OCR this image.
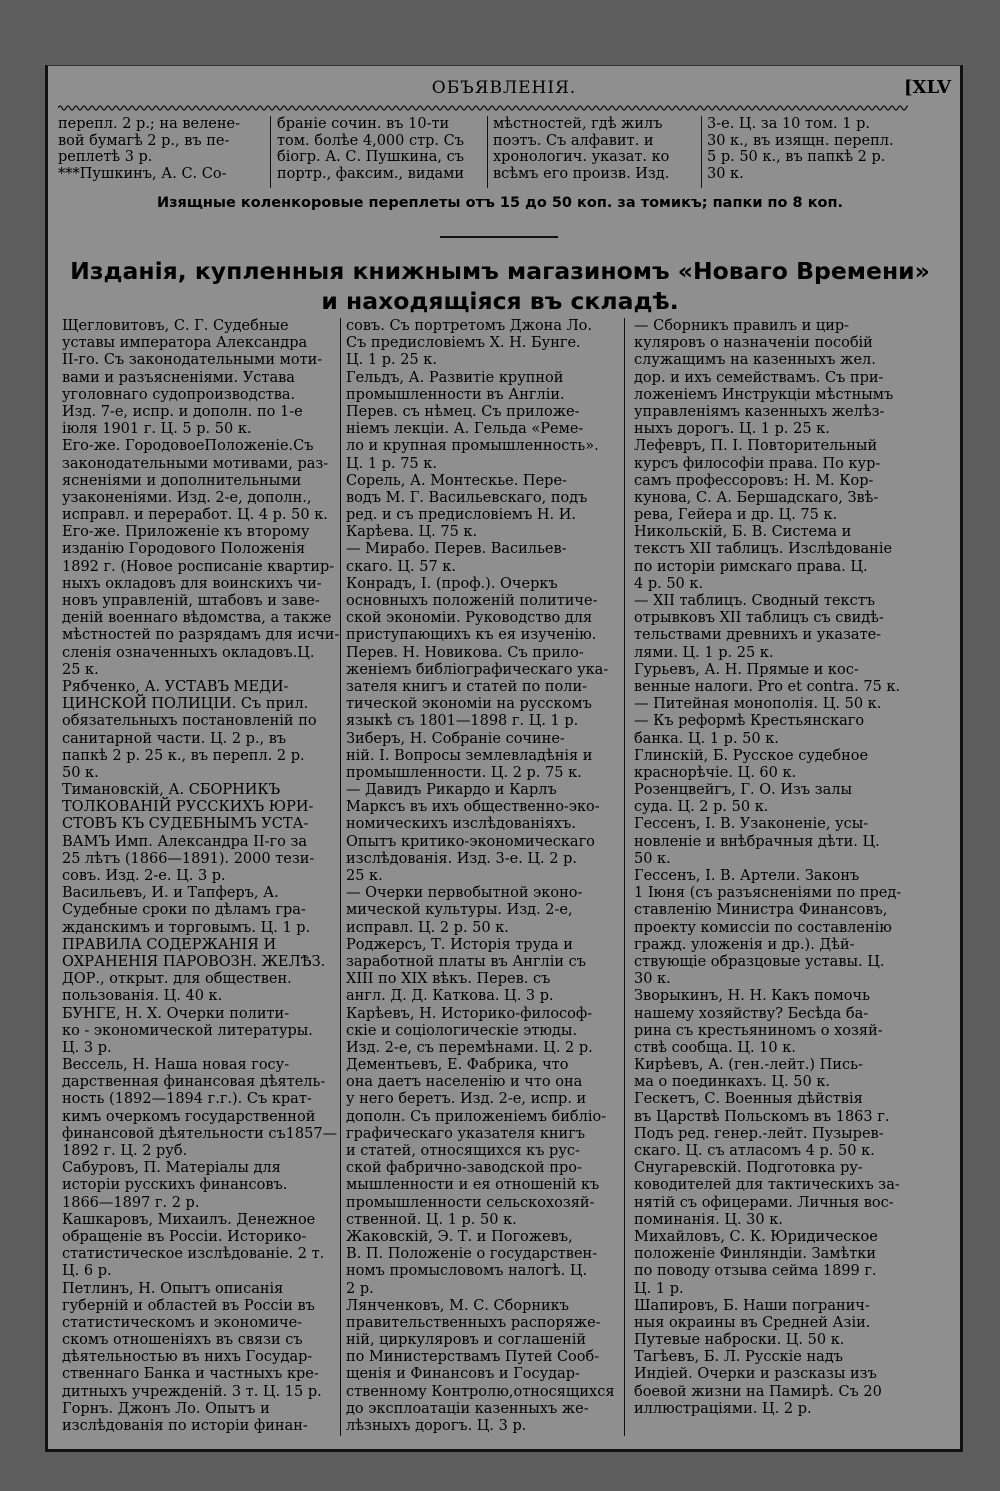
ОБЪЯВЛЕНІЯ.	[XLV
перепл. 2 р.; на веленe-
вой бумагѣ 2 р., въ пе-
реплетѣ 3 р.
***Пушкинъ, А. С. Со-
браніе сочин. въ 10-ти
том. болѣе 4,000 стр. Съ
біогр. А. С. Пушкина, съ
портр., факсим., видами
мѣстностей, гдѣ жилъ
поэтъ. Съ алфавит. и
хронологич. указат. ко
всѣмъ его произв. Изд.
3-е. Ц. за 10 том. 1 р.
30 к., въ изящн. перепл.
5 р. 50 к., въ папкѣ 2 р.
30 к.
Изящные коленкоровые переплеты отъ 15 до 50 коп. за томикъ; папки по 8 коп.
Изданія, купленныя книжнымъ магазиномъ «Новаго Времени»
и находящіяся въ складѣ.
Щегловитовъ, С. Г. Судебные
уставы императора Александра
II-го. Съ законодательными моти-
вами и разъясненіями. Устава
уголовнаго судопроизводства.
Изд. 7-е, испр. и дополн. по 1-е
іюля 1901 г. Ц. 5 р. 50 к.
Его-же. ГородовоеПоложеніе.Съ
законодательными мотивами, раз-
ясненіями и дополнительными
узаконеніями. Изд. 2-е, дополн.,
исправл. и переработ. Ц. 4 р. 50 к.
Его-же. Приложеніе къ второму
изданію Городового Положенія
1892 г. (Новое росписаніе квартир-
ныхъ окладовъ для воинскихъ чи-
новъ управленій, штабовъ и заве-
деній военнаго вѣдомства, а также
мѣстностей по разрядамъ для исчи-
сленія означенныхъ окладовъ.Ц.
25 к.
Рябченко, А. УСТАВЪ МЕДИ-
ЦИНСКОЙ ПОЛИЦІИ. Съ прил.
обязательныхъ постановленій по
санитарной части. Ц. 2 р., въ
папкѣ 2 р. 25 к., въ перепл. 2 р.
50 к.
Тимановскій, А. СБОРНИКЪ
ТОЛКОВАНІЙ РУССКИХЪ ЮРИ-
СТОВЪ КЪ СУДЕБНЫМЪ УСТА-
ВАМЪ Имп. Александра II-го за
25 лѣтъ (1866—1891). 2000 тези-
совъ. Изд. 2-е. Ц. 3 р.
Васильевъ, И. и Тапферъ, А.
Судебные сроки по дѣламъ гра-
жданскимъ и торговымъ. Ц. 1 р.
ПРАВИЛА СОДЕРЖАНІЯ И
ОХРАНЕНІЯ ПАРОВОЗН. ЖЕЛѢЗ.
ДОР., открыт. для обществен.
пользованія. Ц. 40 к.
БУНГЕ, Н. Х. Очерки полити-
ко - экономической литературы.
Ц. 3 р.
Вессель, Н. Наша новая госу-
дарственная финансовая дѣятель-
ность (1892—1894 г.г.). Съ крат-
кимъ очеркомъ государственной
финансовой дѣятельности съ1857—
1892 г. Ц. 2 руб.
Сабуровъ, П. Матеріалы для
исторіи русскихъ финансовъ.
1866—1897 г. 2 р.
Кашкаровъ, Михаилъ. Денежное
обращеніе въ Россіи. Историко-
статистическое изслѣдованіе. 2 т.
Ц. 6 р.
Петлинъ, Н. Опытъ описанія
губерній и областей въ Россіи въ
статистическомъ и экономиче-
скомъ отношеніяхъ въ связи съ
дѣятельностью въ нихъ Государ-
ственнаго Банка и частныхъ кре-
дитныхъ учрежденій. 3 т. Ц. 15 р.
Горнъ. Джонъ Ло. Опытъ и
изслѣдованія по исторіи финан-
совъ. Съ портретомъ Джона Ло.
Съ предисловіемъ Х. Н. Бунге.
Ц. 1 р. 25 к.
Гельдъ, А. Развитіе крупной
промышленности въ Англіи.
Перев. съ нѣмец. Съ приложе-
ніемъ лекціи. А. Гельда «Реме-
ло и крупная промышленность».
Ц. 1 р. 75 к.
Сорель, А. Монтескье. Пере-
водъ М. Г. Васильевскаго, подъ
ред. и съ предисловіемъ Н. И.
Карѣева. Ц. 75 к.
— Мирабо. Перев. Васильев-
скаго. Ц. 57 к.
Конрадъ, I. (проф.). Очеркъ
основныхъ положеній политиче-
ской экономіи. Руководство для
приступающихъ къ ея изученію.
Перев. Н. Новикова. Съ прило-
женіемъ библіографическаго ука-
зателя книгъ и статей по поли-
тической экономіи на русскомъ
языкѣ съ 1801—1898 г. Ц. 1 р.
Зиберъ, Н. Собраніе сочине-
ній. I. Вопросы землевладѣнія и
промышленности. Ц. 2 р. 75 к.
— Давидъ Рикардо и Карлъ
Марксъ въ ихъ общественно-эко-
номическихъ изслѣдованіяхъ.
Опытъ критико-экономическаго
изслѣдованія. Изд. 3-е. Ц. 2 р.
25 к.
— Очерки первобытной эконо-
мической культуры. Изд. 2-е,
исправл. Ц. 2 р. 50 к.
Роджерсъ, Т. Исторія труда и
заработной платы въ Англіи съ
XIII по XIX вѣкъ. Перев. съ
англ. Д. Д. Каткова. Ц. 3 р.
Карѣевъ, Н. Историко-философ-
скіе и соціологическіе этюды.
Изд. 2-е, съ перемѣнами. Ц. 2 р.
Дементьевъ, Е. Фабрика, что
она даетъ населенію и что она
у него беретъ. Изд. 2-е, испр. и
дополн. Съ приложеніемъ библіо-
графическаго указателя книгъ
и статей, относящихся къ рус-
ской фабрично-заводской про-
мышленности и ея отношеній къ
промышленности сельскохозяй-
ственной. Ц. 1 р. 50 к.
Жаковскій, Э. Т. и Погожевъ,
В. П. Положеніе о государствен-
номъ промысловомъ налогѣ. Ц.
2 р.
Лянченковъ, М. С. Сборникъ
правительственныхъ распоряже-
ній, циркуляровъ и соглашеній
по Министерствамъ Путей Сооб-
щенія и Финансовъ и Государ-
ственному Контролю,относящихся
до эксплоатаціи казенныхъ же-
лѣзныхъ дорогъ. Ц. 3 р.
— Сборникъ правилъ и цир-
куляровъ о назначеніи пособій
служащимъ на казенныхъ жел.
дор. и ихъ семействамъ. Съ при-
ложеніемъ Инструкціи мѣстнымъ
управленіямъ казенныхъ желѣз-
ныхъ дорогъ. Ц. 1 р. 25 к.
Лефевръ, П. I. Повторительный
курсъ философіи права. По кур-
самъ профессоровъ: Н. М. Кор-
кунова, С. А. Бершадскаго, Звѣ-
рева, Гейера и др. Ц. 75 к.
Никольскій, Б. В. Система и
текстъ XII таблицъ. Изслѣдованіе
по исторіи римскаго права. Ц.
4 р. 50 к.
— XII таблицъ. Сводный текстъ
отрывковъ XII таблицъ съ свидѣ-
тельствами древнихъ и указате-
лями. Ц. 1 р. 25 к.
Гурьевъ, А. Н. Прямые и кос-
венные налоги. Pro et contra. 75 к.
— Питейная монополія. Ц. 50 к.
— Къ реформѣ Крестьянскаго
банка. Ц. 1 р. 50 к.
Глинскій, Б. Русское судебное
краснорѣчіе. Ц. 60 к.
Розенцвейгъ, Г. О. Изъ залы
суда. Ц. 2 р. 50 к.
Гессенъ, I. В. Узаконеніе, усы-
новленіе и внѣбрачныя дѣти. Ц.
50 к.
Гессенъ, I. В. Артели. Законъ
1 Іюня (съ разъясненіями по пред-
ставленію Министра Финансовъ,
проекту комиссіи по составленію
гражд. уложенія и др.). Дѣй-
ствующіе образцовые уставы. Ц.
30 к.
Зворыкинъ, Н. Н. Какъ помочь
нашему хозяйству? Бесѣда ба-
рина съ крестьяниномъ о хозяй-
ствѣ сообща. Ц. 10 к.
Кирѣевъ, А. (ген.-лейт.) Пись-
ма о поединкахъ. Ц. 50 к.
Гескетъ, С. Военныя дѣйствія
въ Царствѣ Польскомъ въ 1863 г.
Подъ ред. генер.-лейт. Пузырев-
скаго. Ц. съ атласомъ 4 р. 50 к.
Снугаревскій. Подготовка ру-
ководителей для тактическихъ за-
нятій съ офицерами. Личныя вос-
поминанія. Ц. 30 к.
Михайловъ, С. К. Юридическое
положеніе Финляндіи. Замѣтки
по поводу отзыва сейма 1899 г.
Ц. 1 р.
Шапировъ, Б. Наши погранич-
ныя окраины въ Средней Азіи.
Путевые наброски. Ц. 50 к.
Тагѣевъ, Б. Л. Русскіе надъ
Индіей. Очерки и разсказы изъ
боевой жизни на Памирѣ. Съ 20
иллюстраціями. Ц. 2 р.
